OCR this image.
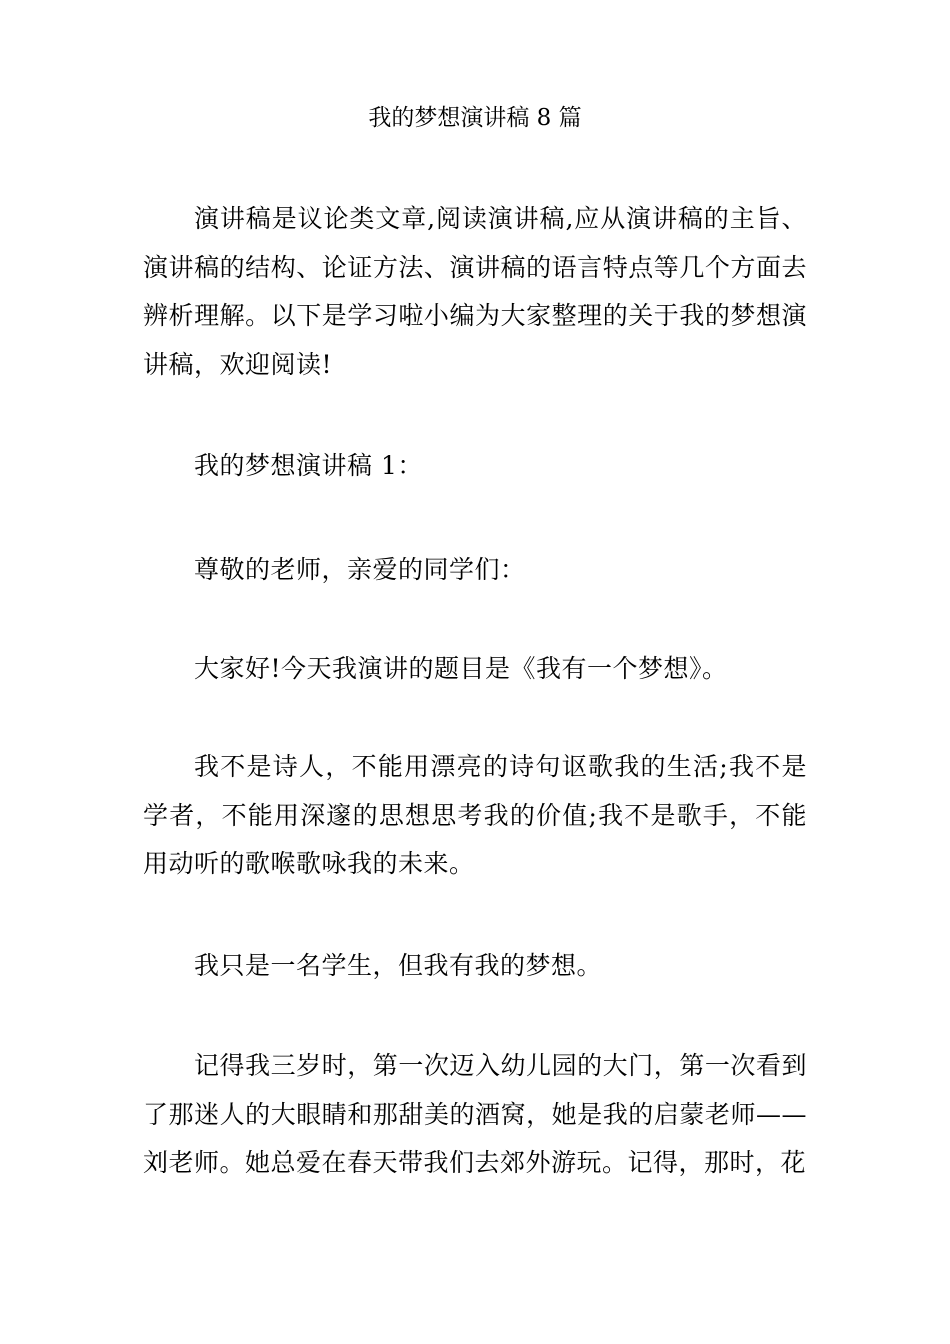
我的梦想演讲稿 8 篇

演讲稿是议论类文章,阅读演讲稿,应从演讲稿的主旨、演讲稿的结构、论证方法、演讲稿的语言特点等几个方面去辨析理解。以下是学习啦小编为大家整理的关于我的梦想演讲稿，欢迎阅读!

我的梦想演讲稿 1：

尊敬的老师，亲爱的同学们：

大家好!今天我演讲的题目是《我有一个梦想》。

我不是诗人，不能用漂亮的诗句讴歌我的生活;我不是学者，不能用深邃的思想思考我的价值;我不是歌手，不能用动听的歌喉歌咏我的未来。

我只是一名学生，但我有我的梦想。

记得我三岁时，第一次迈入幼儿园的大门，第一次看到了那迷人的大眼睛和那甜美的酒窝，她是我的启蒙老师——刘老师。她总爱在春天带我们去郊外游玩。记得，那时，花
